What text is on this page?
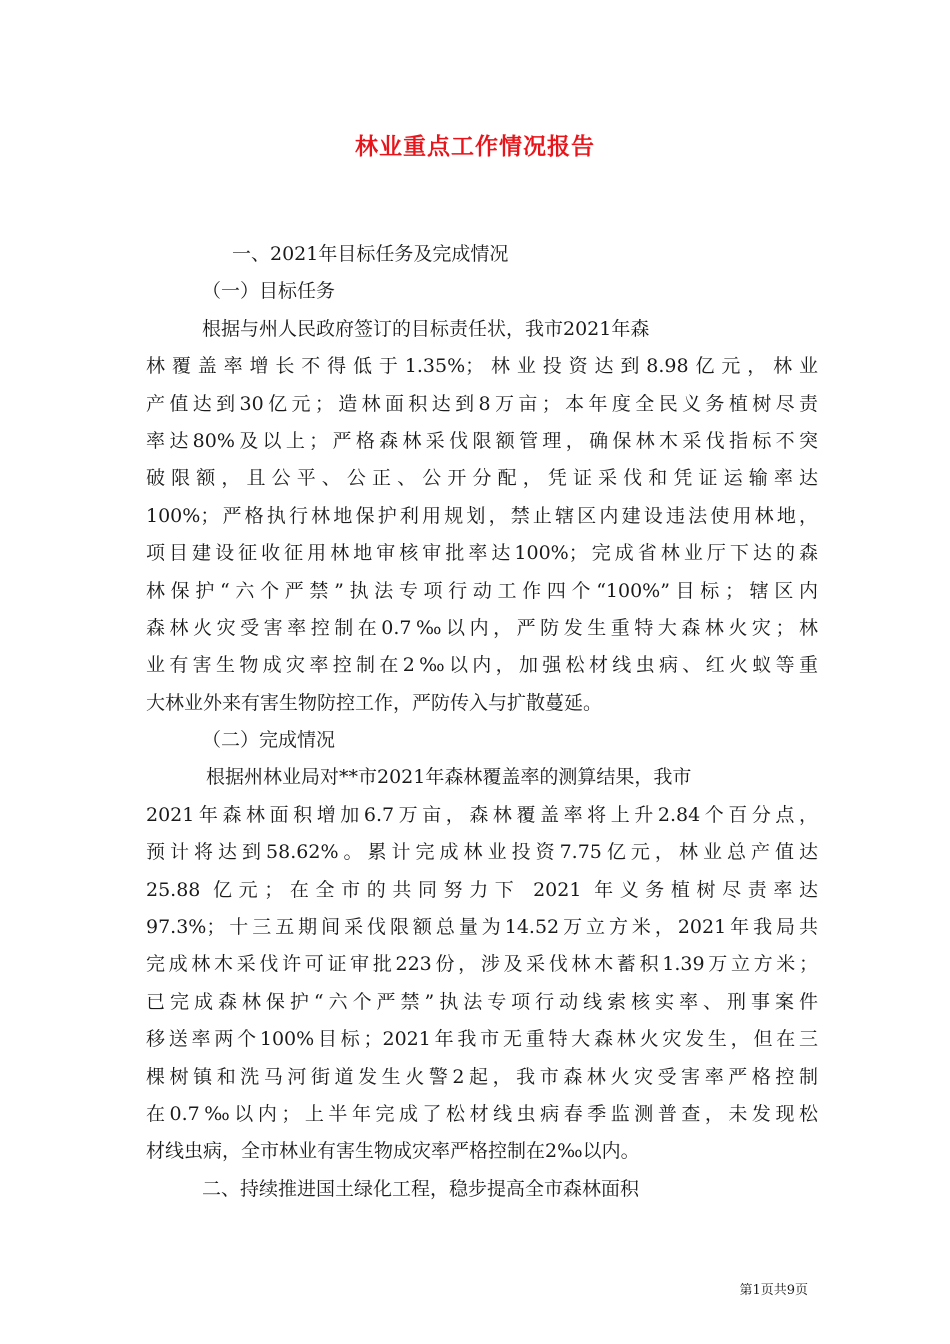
林业重点工作情况报告
一、2021年目标任务及完成情况
（一）目标任务
根据与州人民政府签订的目标责任状，我市2021年森
林覆盖率增长不得低于1.35%；林业投资达到8.98亿元，林业
产值达到30亿元；造林面积达到8万亩；本年度全民义务植树尽责
率达80%及以上；严格森林采伐限额管理，确保林木采伐指标不突
破限额，且公平、公正、公开分配，凭证采伐和凭证运输率达
100%；严格执行林地保护利用规划，禁止辖区内建设违法使用林地，
项目建设征收征用林地审核审批率达100%；完成省林业厅下达的森
林保护“六个严禁”执法专项行动工作四个“100%”目标；辖区内
森林火灾受害率控制在0.7‰以内，严防发生重特大森林火灾；林
业有害生物成灾率控制在2‰以内，加强松材线虫病、红火蚁等重
大林业外来有害生物防控工作，严防传入与扩散蔓延。
（二）完成情况
根据州林业局对**市2021年森林覆盖率的测算结果，我市
2021年森林面积增加6.7万亩，森林覆盖率将上升2.84个百分点，
预计将达到58.62%。累计完成林业投资7.75亿元，林业总产值达
25.88 亿元；在全市的共同努力下 2021 年义务植树尽责率达
97.3%；十三五期间采伐限额总量为14.52万立方米，2021年我局共
完成林木采伐许可证审批223份，涉及采伐林木蓄积1.39万立方米；
已完成森林保护“六个严禁”执法专项行动线索核实率、刑事案件
移送率两个100%目标；2021年我市无重特大森林火灾发生，但在三
棵树镇和洗马河街道发生火警2起，我市森林火灾受害率严格控制
在0.7‰以内；上半年完成了松材线虫病春季监测普查，未发现松
材线虫病，全市林业有害生物成灾率严格控制在2‰以内。
二、持续推进国土绿化工程，稳步提高全市森林面积
第1页共9页
